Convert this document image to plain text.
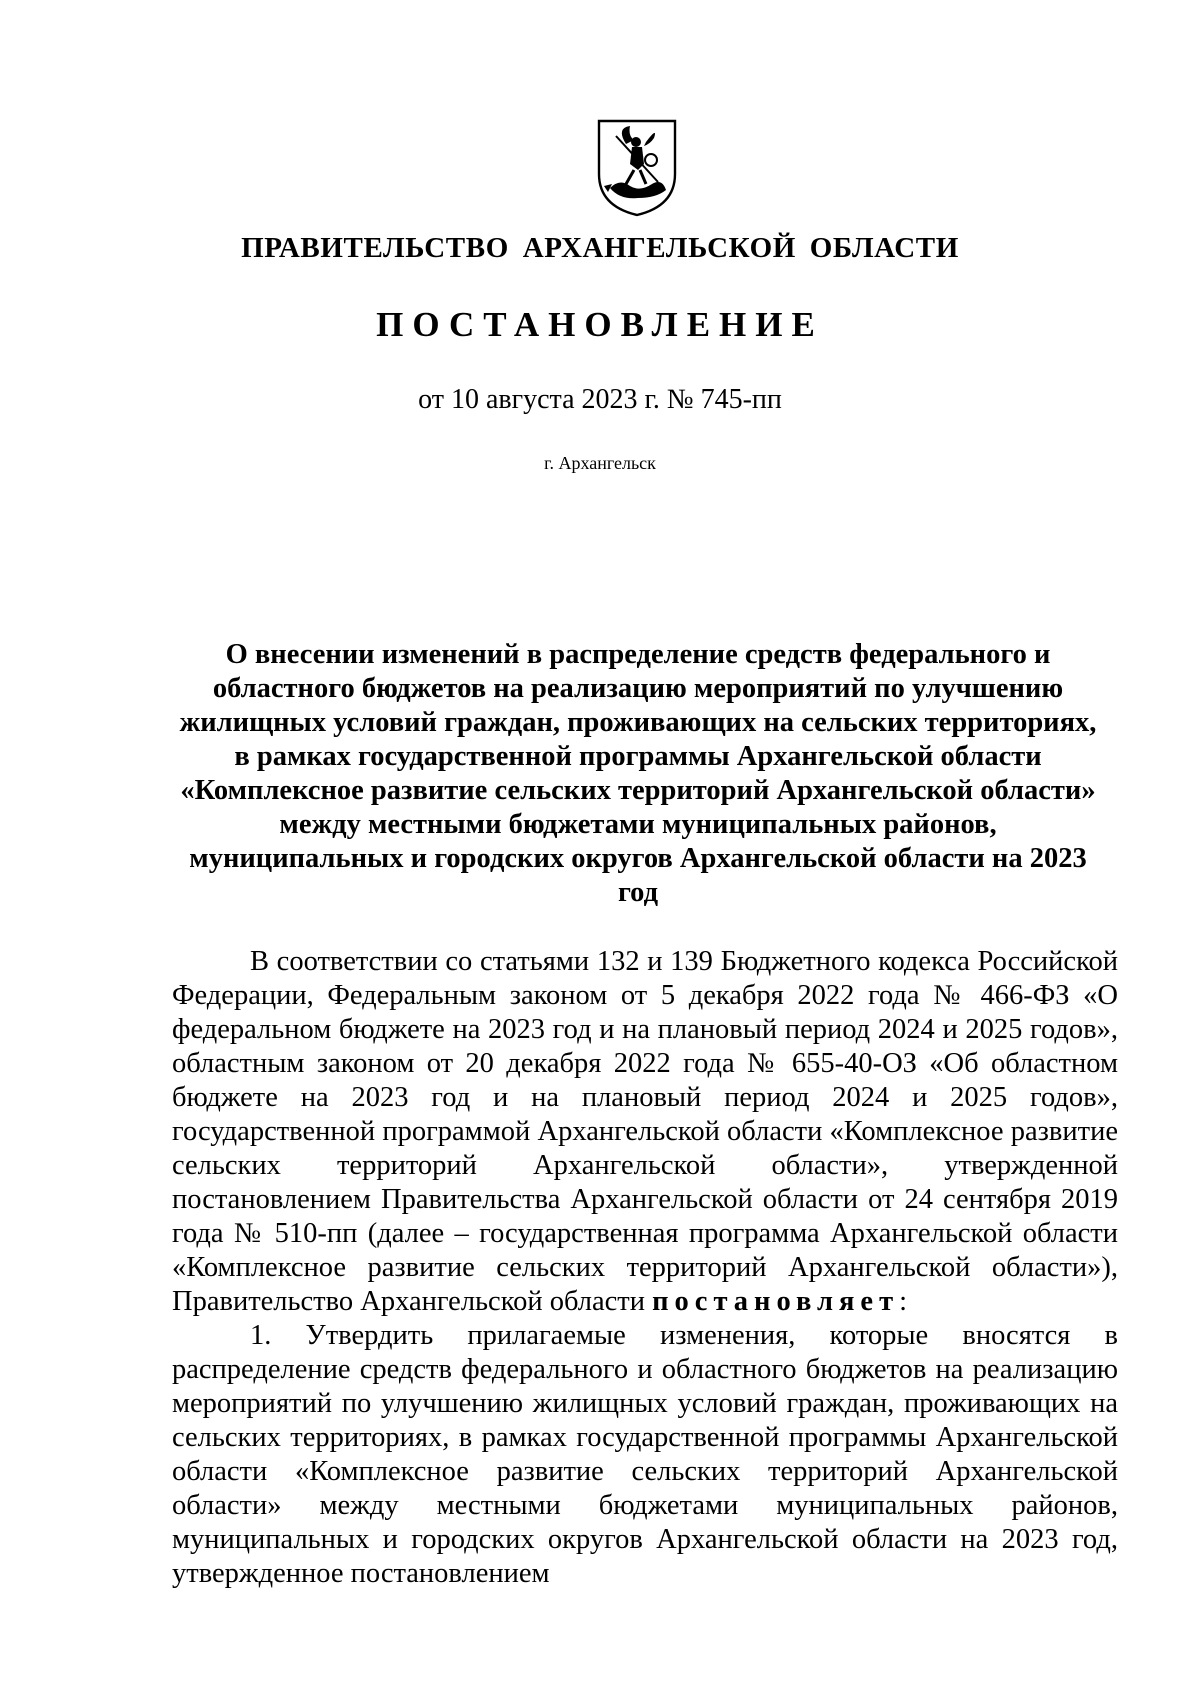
ПРАВИТЕЛЬСТВО АРХАНГЕЛЬСКОЙ ОБЛАСТИ
ПОСТАНОВЛЕНИЕ
от 10 августа 2023 г. № 745-пп
г. Архангельск
О внесении изменений в распределение средств федерального и областного бюджетов на реализацию мероприятий по улучшению жилищных условий граждан, проживающих на сельских территориях, в рамках государственной программы Архангельской области «Комплексное развитие сельских территорий Архангельской области» между местными бюджетами муниципальных районов, муниципальных и городских округов Архангельской области на 2023 год

В соответствии со статьями 132 и 139 Бюджетного кодекса Российской Федерации, Федеральным законом от 5 декабря 2022 года № 466-ФЗ «О федеральном бюджете на 2023 год и на плановый период 2024 и 2025 годов», областным законом от 20 декабря 2022 года № 655-40-ОЗ «Об областном бюджете на 2023 год и на плановый период 2024 и 2025 годов», государственной программой Архангельской области «Комплексное развитие сельских территорий Архангельской области», утвержденной постановлением Правительства Архангельской области от 24 сентября 2019 года № 510-пп (далее – государственная программа Архангельской области «Комплексное развитие сельских территорий Архангельской области»), Правительство Архангельской области постановляет:

1. Утвердить прилагаемые изменения, которые вносятся в распределение средств федерального и областного бюджетов на реализацию мероприятий по улучшению жилищных условий граждан, проживающих на сельских территориях, в рамках государственной программы Архангельской области «Комплексное развитие сельских территорий Архангельской области» между местными бюджетами муниципальных районов, муниципальных и городских округов Архангельской области на 2023 год, утвержденное постановлением
